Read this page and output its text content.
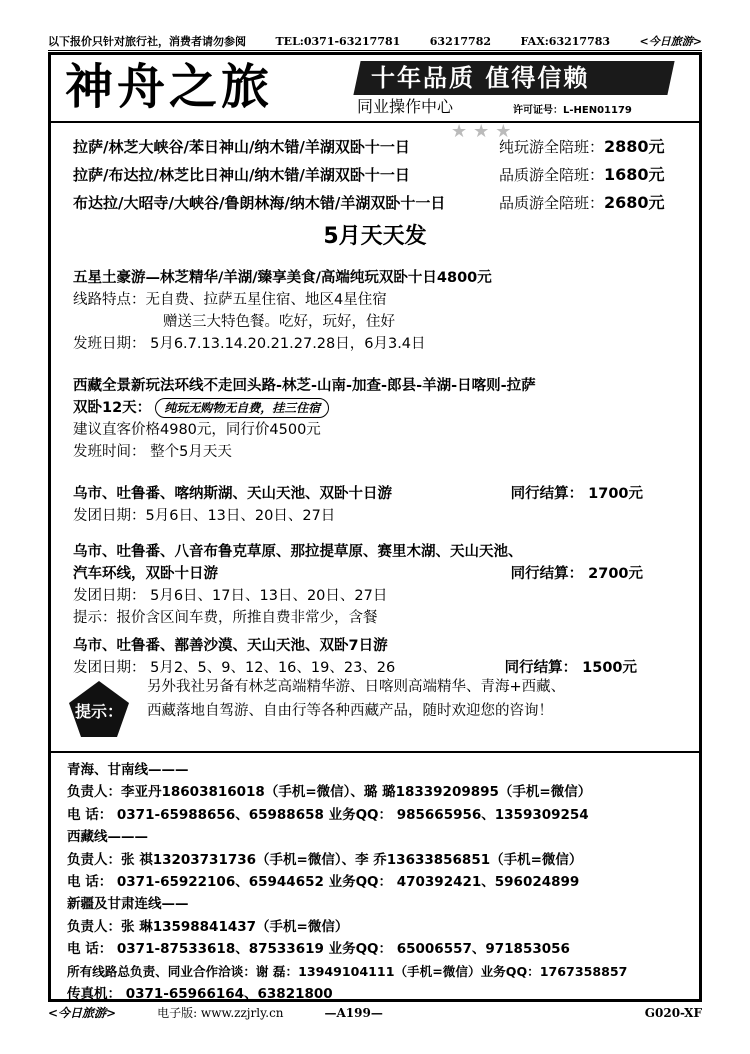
以下报价只针对旅行社，消费者请勿参阅	TEL:0371-63217781	63217782	FAX:63217783	<今日旅游>
神舟之旅	十年品质 值得信赖
同业操作中心	许可证号：L-HEN01179
★★★
拉萨/林芝大峡谷/苯日神山/纳木错/羊湖双卧十一日	纯玩游全陪班：2880元
拉萨/布达拉/林芝比日神山/纳木错/羊湖双卧十一日	品质游全陪班：1680元
布达拉/大昭寺/大峡谷/鲁朗林海/纳木错/羊湖双卧十一日	品质游全陪班：2680元
5月天天发
五星土豪游—林芝精华/羊湖/臻享美食/高端纯玩双卧十日4800元
线路特点：无自费、拉萨五星住宿、地区4星住宿
赠送三大特色餐。吃好，玩好，住好
发班日期： 5月6.7.13.14.20.21.27.28日，6月3.4日
西藏全景新玩法环线不走回头路-林芝-山南-加查-郎县-羊湖-日喀则-拉萨
双卧12天： 纯玩无购物无自费，挂三住宿
建议直客价格4980元，同行价4500元
发班时间： 整个5月天天
乌市、吐鲁番、喀纳斯湖、天山天池、双卧十日游	同行结算： 1700元
发团日期：5月6日、13日、20日、27日
乌市、吐鲁番、八音布鲁克草原、那拉提草原、赛里木湖、天山天池、
汽车环线，双卧十日游	同行结算： 2700元
发团日期： 5月6日、17日、13日、20日、27日
提示：报价含区间车费，所推自费非常少，含餐
乌市、吐鲁番、鄯善沙漠、天山天池、双卧7日游
发团日期： 5月2、5、9、12、16、19、23、26	同行结算： 1500元
提示：
另外我社另备有林芝高端精华游、日喀则高端精华、青海+西藏、
西藏落地自驾游、自由行等各种西藏产品，随时欢迎您的咨询！
青海、甘南线———
负责人：李亚丹18603816018（手机=微信）、璐 璐18339209895（手机=微信）
电 话： 0371-65988656、65988658 业务QQ： 985665956、1359309254
西藏线———
负责人：张 祺13203731736（手机=微信）、李 乔13633856851（手机=微信）
电 话： 0371-65922106、65944652 业务QQ： 470392421、596024899
新疆及甘肃连线——
负责人：张 琳13598841437（手机=微信）
电 话： 0371-87533618、87533619 业务QQ： 65006557、971853056
所有线路总负责、同业合作洽谈：谢 磊：13949104111（手机=微信）业务QQ：1767358857
传真机： 0371-65966164、63821800
<今日旅游>	电子版: www.zzjrly.cn	—A199—	G020-XF
